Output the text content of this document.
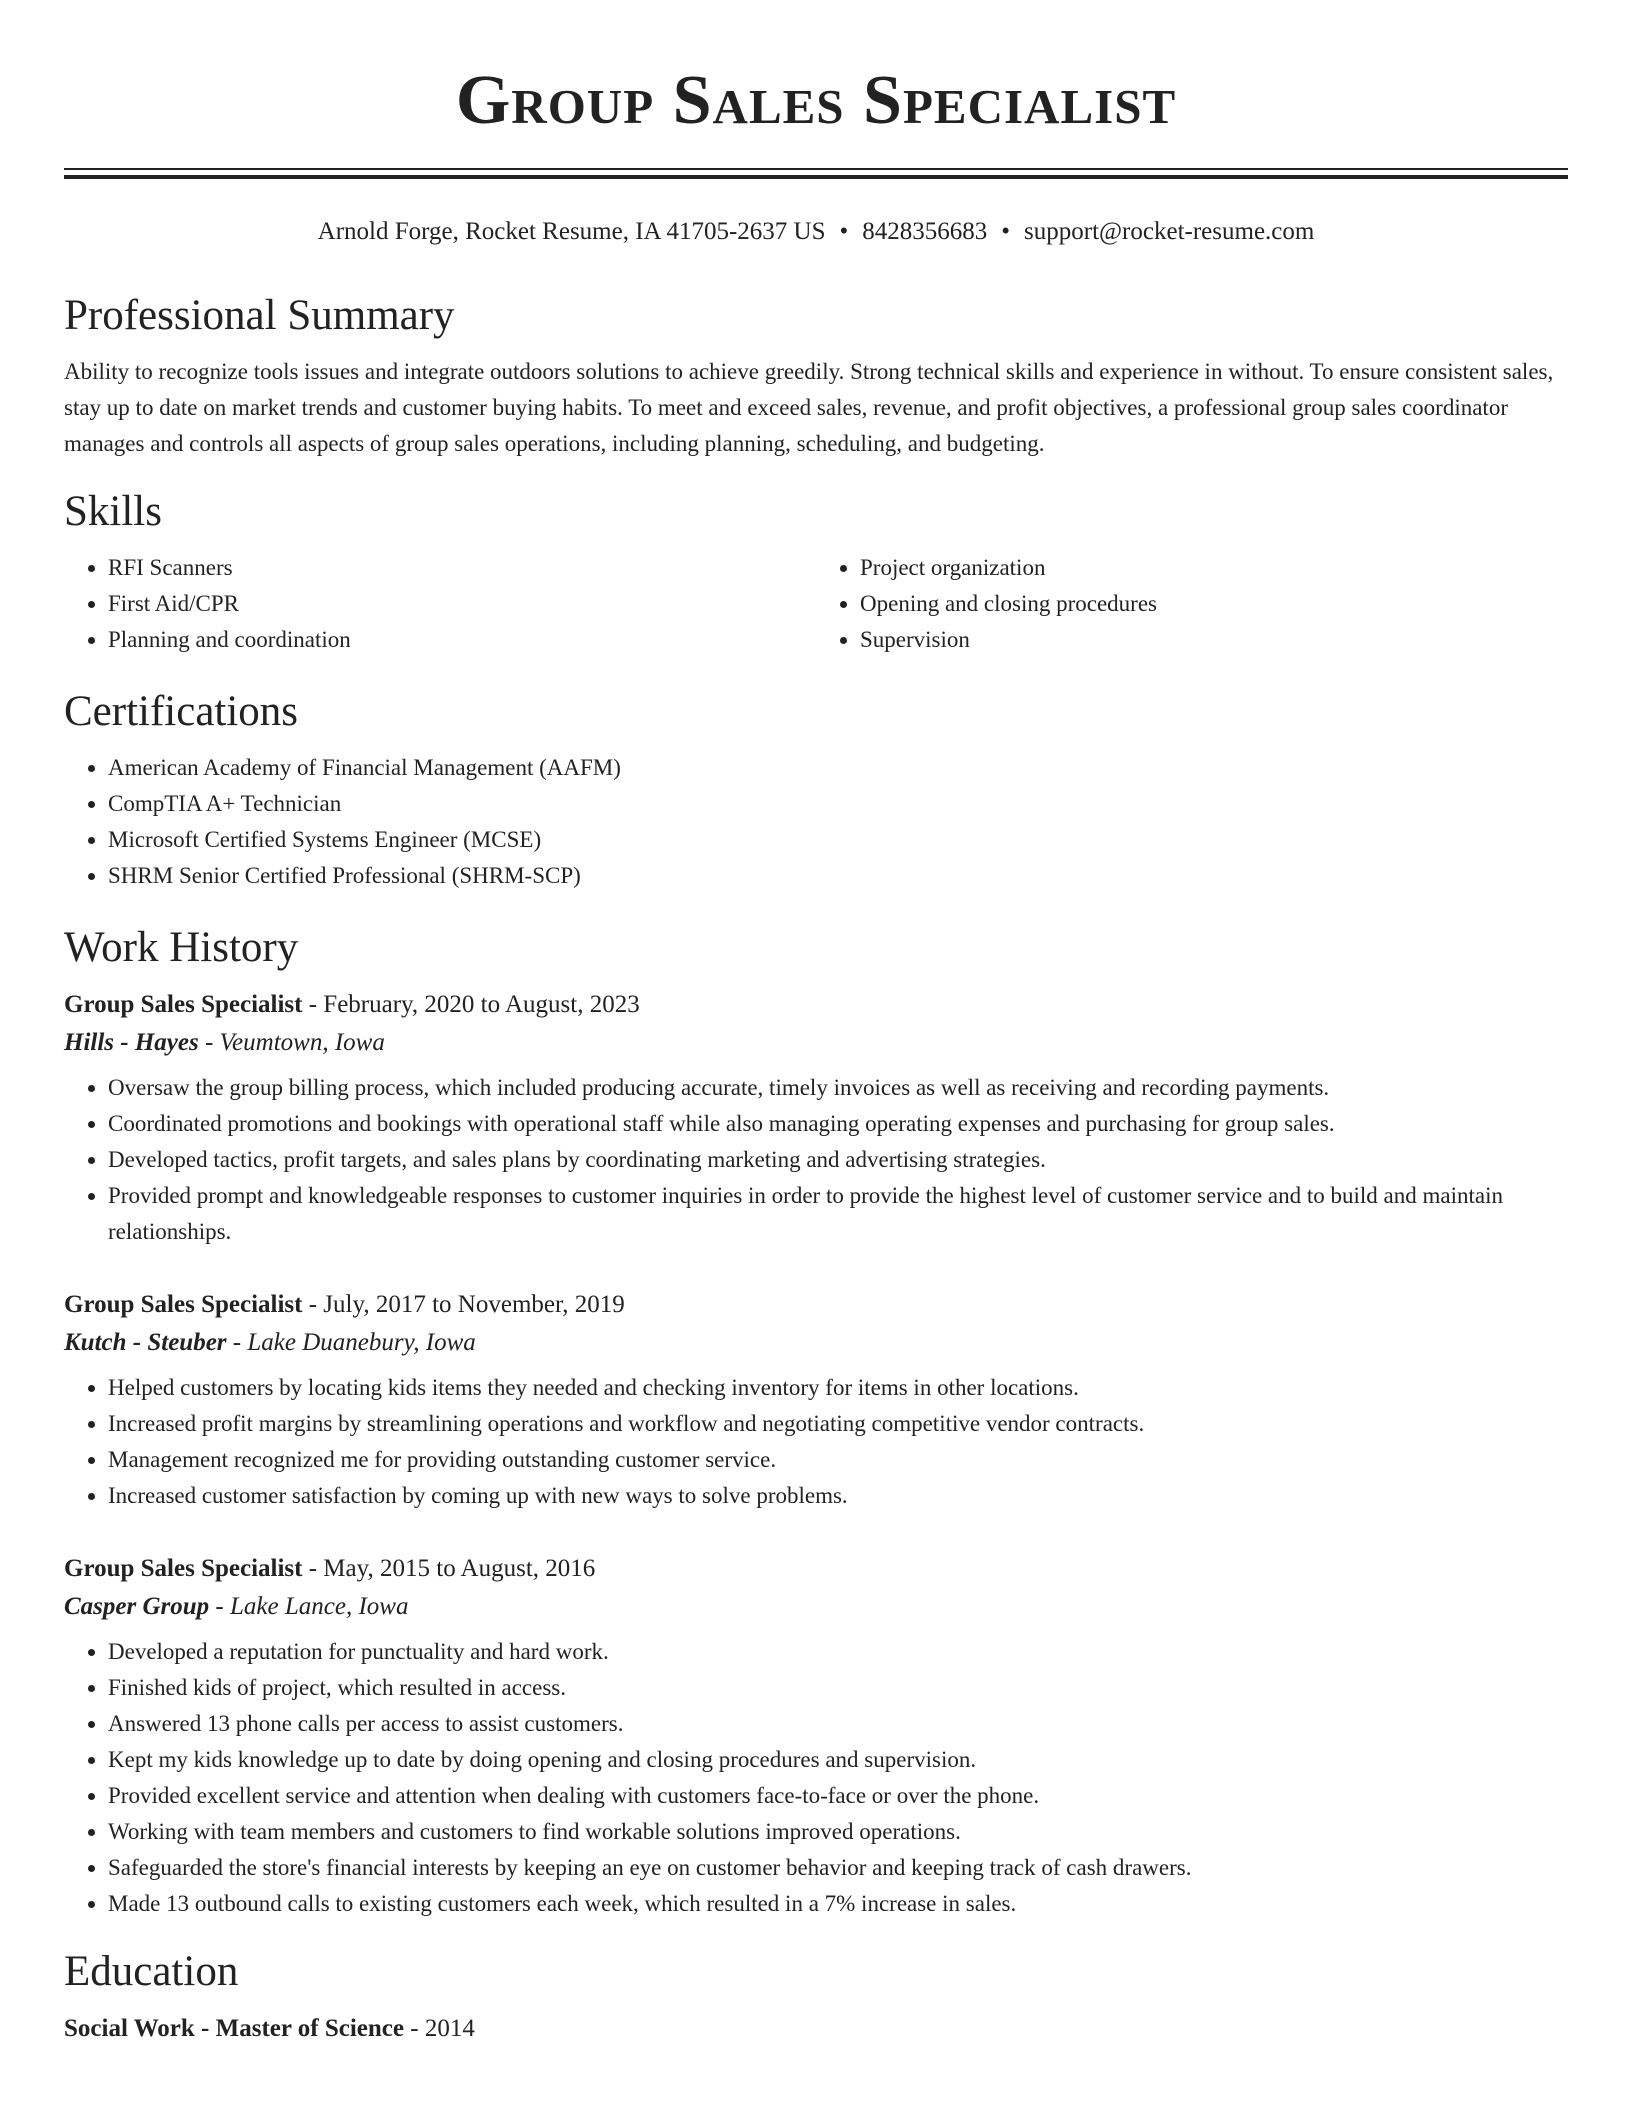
Group Sales Specialist
Arnold Forge, Rocket Resume, IA 41705-2637 US • 8428356683 • support@rocket-resume.com
Professional Summary

Ability to recognize tools issues and integrate outdoors solutions to achieve greedily. Strong technical skills and experience in without. To ensure consistent sales, stay up to date on market trends and customer buying habits. To meet and exceed sales, revenue, and profit objectives, a professional group sales coordinator manages and controls all aspects of group sales operations, including planning, scheduling, and budgeting.

Skills
• RFI Scanners
• First Aid/CPR
• Planning and coordination
• Project organization
• Opening and closing procedures
• Supervision
Certifications
• American Academy of Financial Management (AAFM)
• CompTIA A+ Technician
• Microsoft Certified Systems Engineer (MCSE)
• SHRM Senior Certified Professional (SHRM-SCP)
Work History

Group Sales Specialist - February, 2020 to August, 2023

Hills - Hayes - Veumtown, Iowa

• Oversaw the group billing process, which included producing accurate, timely invoices as well as receiving and recording payments.
• Coordinated promotions and bookings with operational staff while also managing operating expenses and purchasing for group sales.
• Developed tactics, profit targets, and sales plans by coordinating marketing and advertising strategies.
• Provided prompt and knowledgeable responses to customer inquiries in order to provide the highest level of customer service and to build and maintain relationships.

Group Sales Specialist - July, 2017 to November, 2019

Kutch - Steuber - Lake Duanebury, Iowa

• Helped customers by locating kids items they needed and checking inventory for items in other locations.
• Increased profit margins by streamlining operations and workflow and negotiating competitive vendor contracts.
• Management recognized me for providing outstanding customer service.
• Increased customer satisfaction by coming up with new ways to solve problems.

Group Sales Specialist - May, 2015 to August, 2016

Casper Group - Lake Lance, Iowa

• Developed a reputation for punctuality and hard work.
• Finished kids of project, which resulted in access.
• Answered 13 phone calls per access to assist customers.
• Kept my kids knowledge up to date by doing opening and closing procedures and supervision.
• Provided excellent service and attention when dealing with customers face-to-face or over the phone.
• Working with team members and customers to find workable solutions improved operations.
• Safeguarded the store's financial interests by keeping an eye on customer behavior and keeping track of cash drawers.
• Made 13 outbound calls to existing customers each week, which resulted in a 7% increase in sales.
Education

Social Work - Master of Science - 2014
